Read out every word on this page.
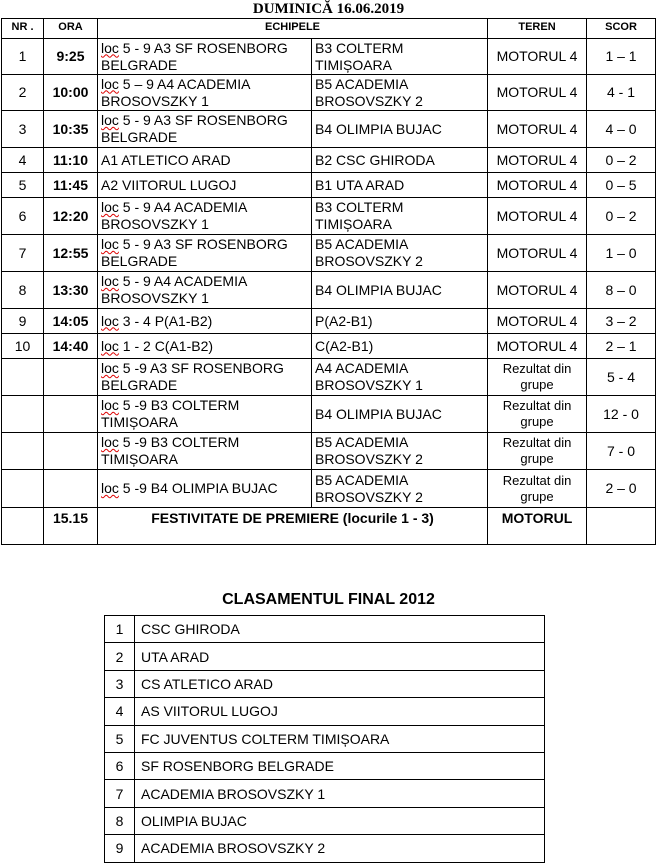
DUMINICĂ 16.06.2019
NR .	ORA	ECHIPELE		TEREN	SCOR
1	9:25	loc 5 - 9 A3 SF ROSENBORG BELGRADE	B3 COLTERM TIMIȘOARA	MOTORUL 4	1 – 1
2	10:00	loc 5 – 9 A4 ACADEMIA BROSOVSZKY 1	B5 ACADEMIA BROSOVSZKY 2	MOTORUL 4	4 - 1
3	10:35	loc 5 - 9 A3 SF ROSENBORG BELGRADE	B4 OLIMPIA BUJAC	MOTORUL 4	4 – 0
4	11:10	A1 ATLETICO ARAD	B2 CSC GHIRODA	MOTORUL 4	0 – 2
5	11:45	A2 VIITORUL LUGOJ	B1 UTA ARAD	MOTORUL 4	0 – 5
6	12:20	loc 5 - 9 A4 ACADEMIA BROSOVSZKY 1	B3 COLTERM TIMIȘOARA	MOTORUL 4	0 – 2
7	12:55	loc 5 - 9 A3 SF ROSENBORG BELGRADE	B5 ACADEMIA BROSOVSZKY 2	MOTORUL 4	1 – 0
8	13:30	loc 5 - 9 A4 ACADEMIA BROSOVSZKY 1	B4 OLIMPIA BUJAC	MOTORUL 4	8 – 0
9	14:05	loc 3 - 4 P(A1-B2)	P(A2-B1)	MOTORUL 4	3 – 2
10	14:40	loc 1 - 2 C(A1-B2)	C(A2-B1)	MOTORUL 4	2 – 1
		loc 5 -9 A3 SF ROSENBORG BELGRADE	A4 ACADEMIA BROSOVSZKY 1	Rezultat din grupe	5 - 4
		loc 5 -9 B3 COLTERM TIMIȘOARA	B4 OLIMPIA BUJAC	Rezultat din grupe	12 - 0
		loc 5 -9 B3 COLTERM TIMIȘOARA	B5 ACADEMIA BROSOVSZKY 2	Rezultat din grupe	7 - 0
		loc 5 -9 B4 OLIMPIA BUJAC	B5 ACADEMIA BROSOVSZKY 2	Rezultat din grupe	2 – 0
	15.15	FESTIVITATE DE PREMIERE (locurile 1 - 3)		MOTORUL	
CLASAMENTUL FINAL 2012
1	CSC GHIRODA
2	UTA ARAD
3	CS ATLETICO ARAD
4	AS VIITORUL LUGOJ
5	FC JUVENTUS COLTERM TIMIȘOARA
6	SF ROSENBORG BELGRADE
7	ACADEMIA BROSOVSZKY 1
8	OLIMPIA BUJAC
9	ACADEMIA BROSOVSZKY 2
